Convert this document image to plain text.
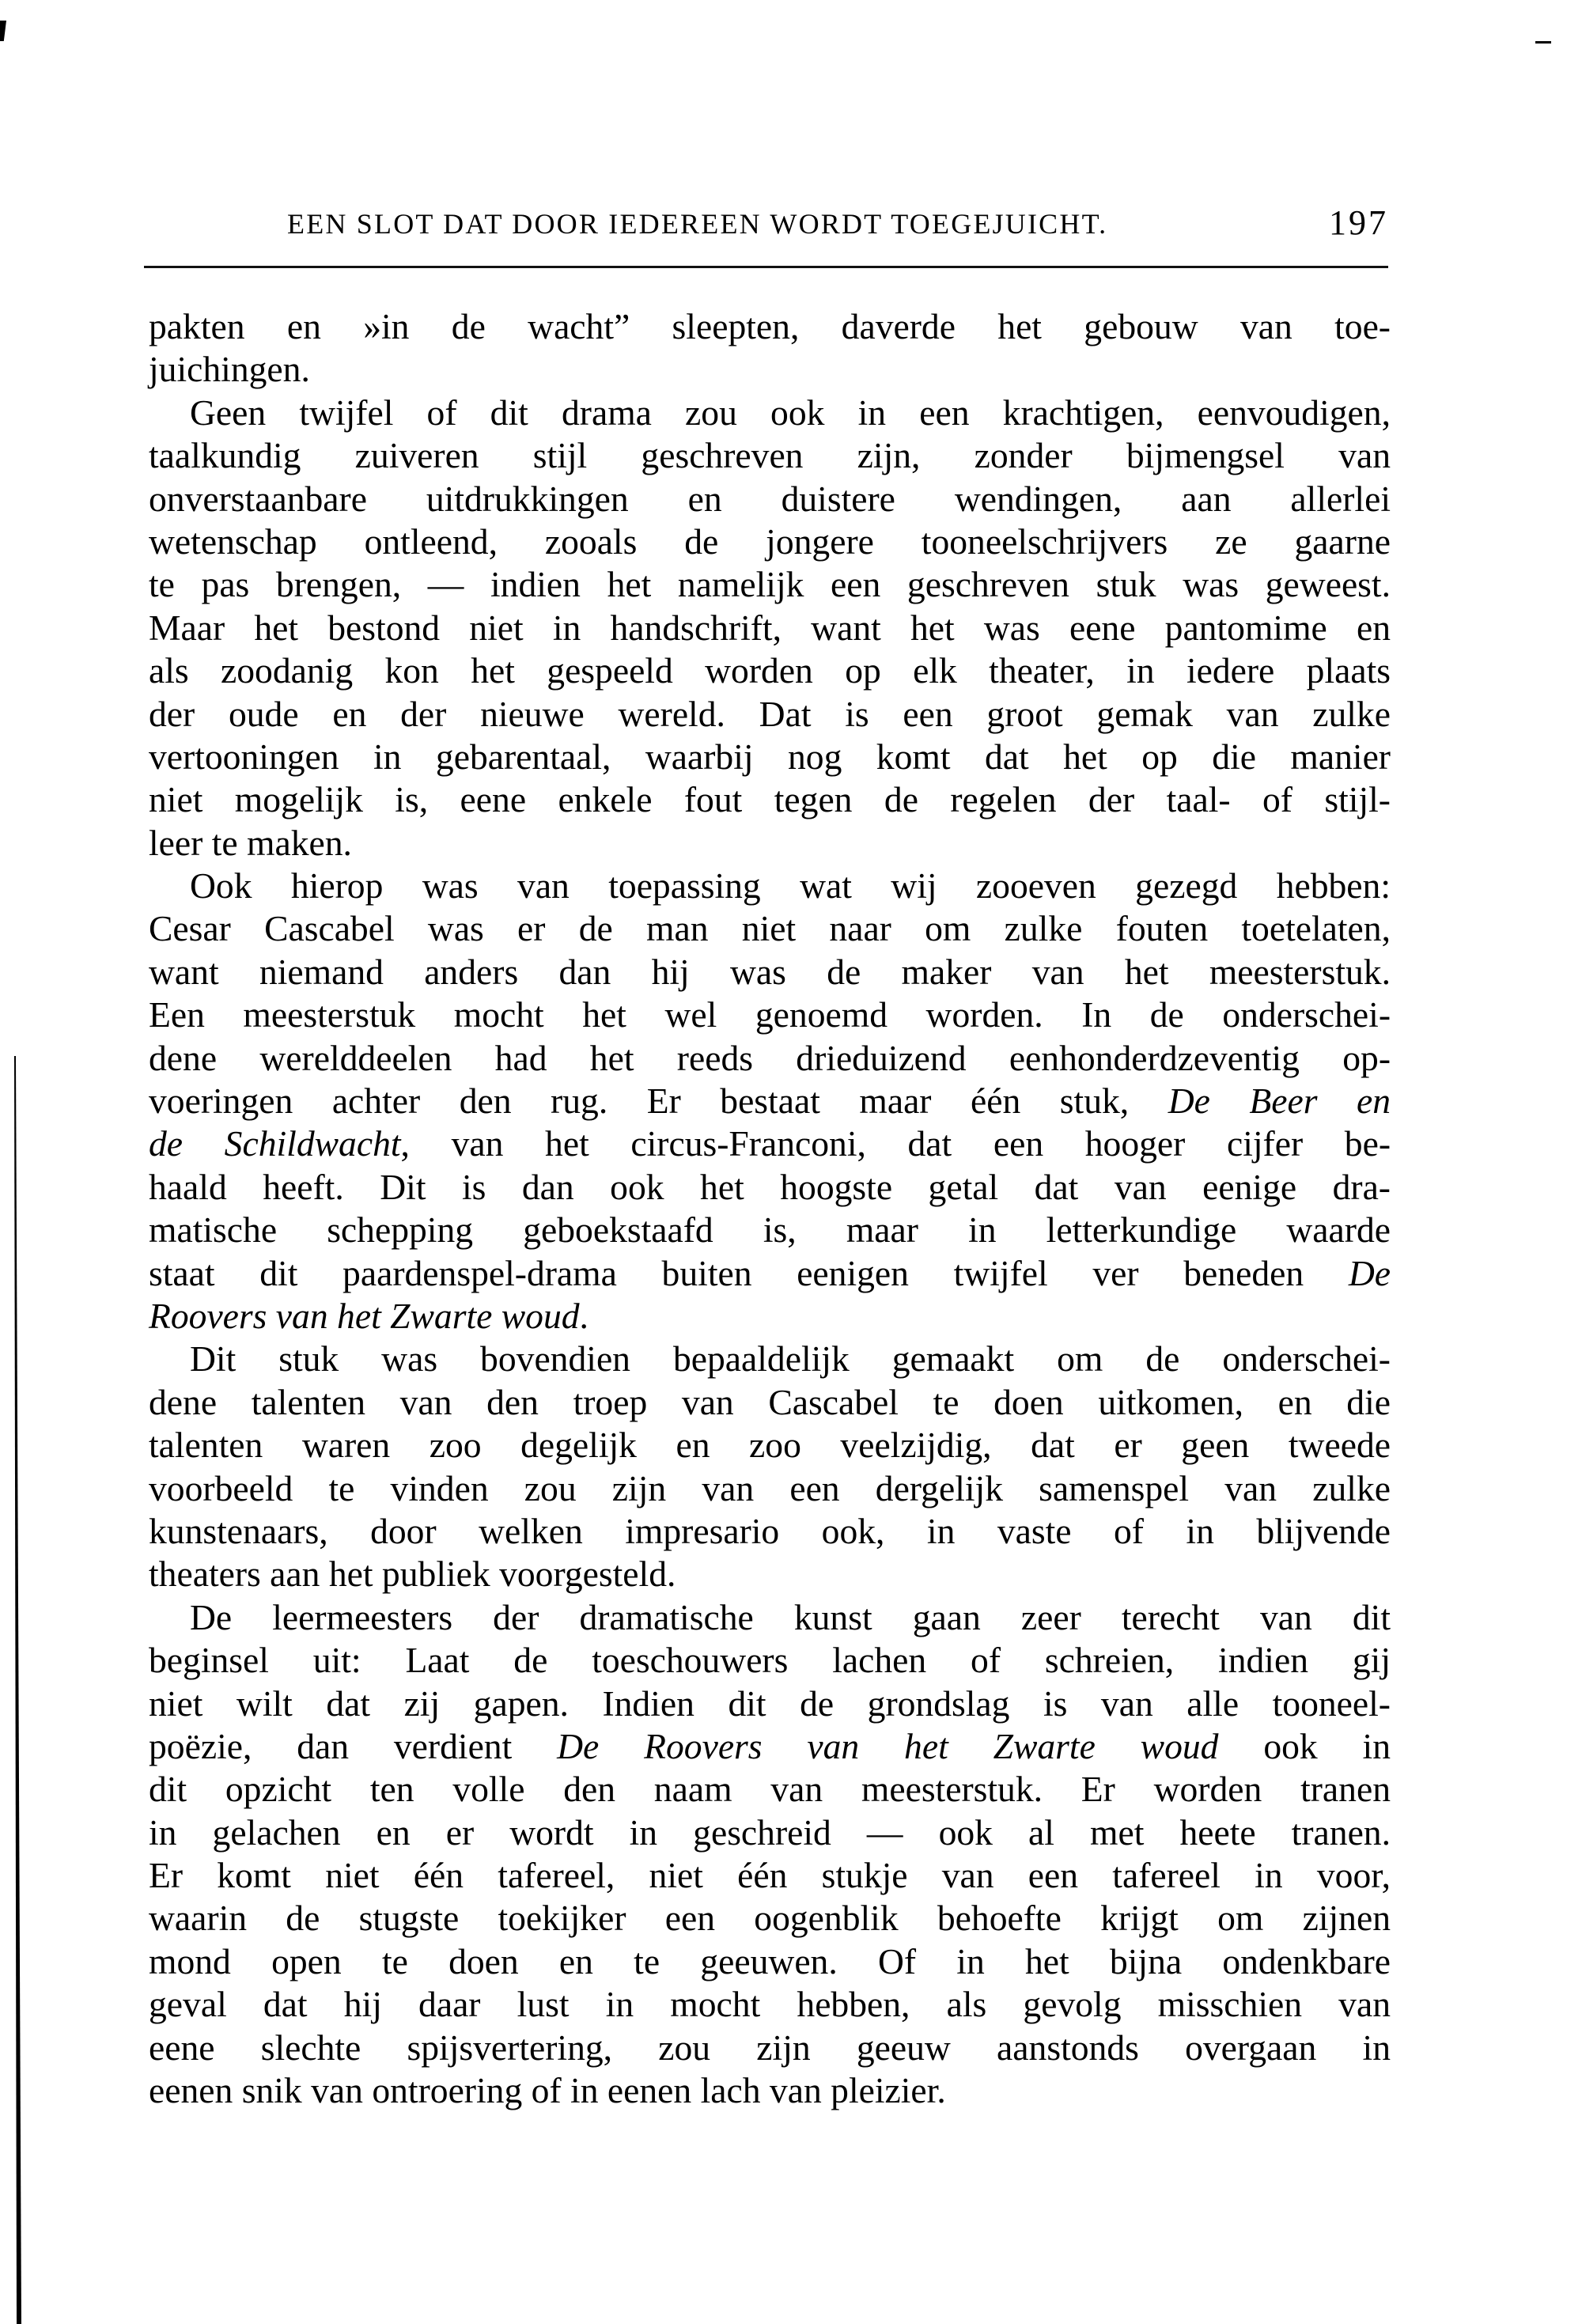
EEN SLOT DAT DOOR IEDEREEN WORDT TOEGEJUICHT.	197
pakten en »in de wacht” sleepten, daverde het gebouw van toe-
juichingen.
Geen twijfel of dit drama zou ook in een krachtigen, eenvoudigen,
taalkundig zuiveren stijl geschreven zijn, zonder bijmengsel van
onverstaanbare uitdrukkingen en duistere wendingen, aan allerlei
wetenschap ontleend, zooals de jongere tooneelschrijvers ze gaarne
te pas brengen, — indien het namelijk een geschreven stuk was geweest.
Maar het bestond niet in handschrift, want het was eene pantomime en
als zoodanig kon het gespeeld worden op elk theater, in iedere plaats
der oude en der nieuwe wereld. Dat is een groot gemak van zulke
vertooningen in gebarentaal, waarbij nog komt dat het op die manier
niet mogelijk is, eene enkele fout tegen de regelen der taal- of stijl-
leer te maken.
Ook hierop was van toepassing wat wij zooeven gezegd hebben:
Cesar Cascabel was er de man niet naar om zulke fouten toetelaten,
want niemand anders dan hij was de maker van het meesterstuk.
Een meesterstuk mocht het wel genoemd worden. In de onderschei-
dene werelddeelen had het reeds drieduizend eenhonderdzeventig op-
voeringen achter den rug. Er bestaat maar één stuk, De Beer en
de Schildwacht, van het circus-Franconi, dat een hooger cijfer be-
haald heeft. Dit is dan ook het hoogste getal dat van eenige dra-
matische schepping geboekstaafd is, maar in letterkundige waarde
staat dit paardenspel-drama buiten eenigen twijfel ver beneden De
Roovers van het Zwarte woud.
Dit stuk was bovendien bepaaldelijk gemaakt om de onderschei-
dene talenten van den troep van Cascabel te doen uitkomen, en die
talenten waren zoo degelijk en zoo veelzijdig, dat er geen tweede
voorbeeld te vinden zou zijn van een dergelijk samenspel van zulke
kunstenaars, door welken impresario ook, in vaste of in blijvende
theaters aan het publiek voorgesteld.
De leermeesters der dramatische kunst gaan zeer terecht van dit
beginsel uit: Laat de toeschouwers lachen of schreien, indien gij
niet wilt dat zij gapen. Indien dit de grondslag is van alle tooneel-
poëzie, dan verdient De Roovers van het Zwarte woud ook in
dit opzicht ten volle den naam van meesterstuk. Er worden tranen
in gelachen en er wordt in geschreid — ook al met heete tranen.
Er komt niet één tafereel, niet één stukje van een tafereel in voor,
waarin de stugste toekijker een oogenblik behoefte krijgt om zijnen
mond open te doen en te geeuwen. Of in het bijna ondenkbare
geval dat hij daar lust in mocht hebben, als gevolg misschien van
eene slechte spijsvertering, zou zijn geeuw aanstonds overgaan in
eenen snik van ontroering of in eenen lach van pleizier.
